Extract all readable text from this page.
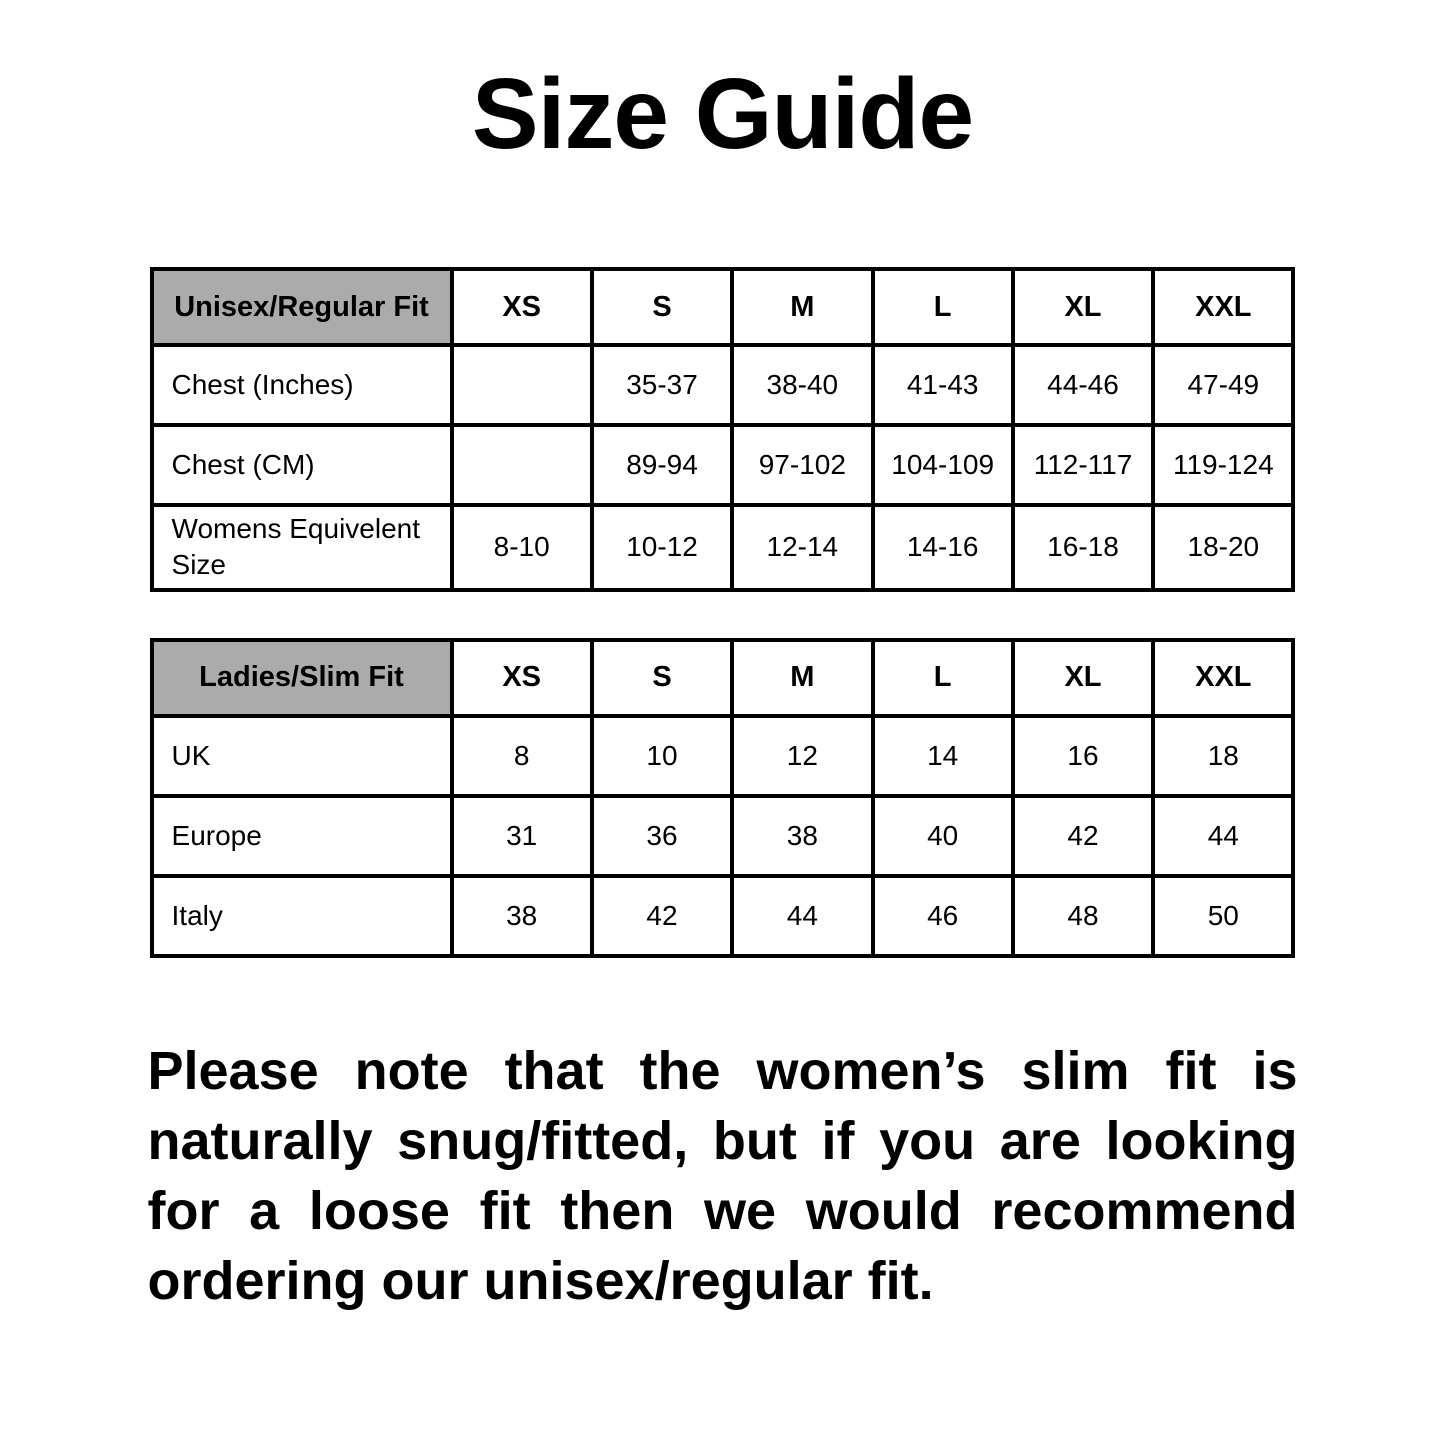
Size Guide
Unisex/Regular Fit	XS	S	M	L	XL	XXL
Chest (Inches)		35-37	38-40	41-43	44-46	47-49
Chest (CM)		89-94	97-102	104-109	112-117	119-124
Womens Equivelent Size	8-10	10-12	12-14	14-16	16-18	18-20
Ladies/Slim Fit	XS	S	M	L	XL	XXL
UK	8	10	12	14	16	18
Europe	31	36	38	40	42	44
Italy	38	42	44	46	48	50
Please note that the women’s slim fit is
naturally snug/fitted, but if you are looking
for a loose fit then we would recommend
ordering our unisex/regular fit.
